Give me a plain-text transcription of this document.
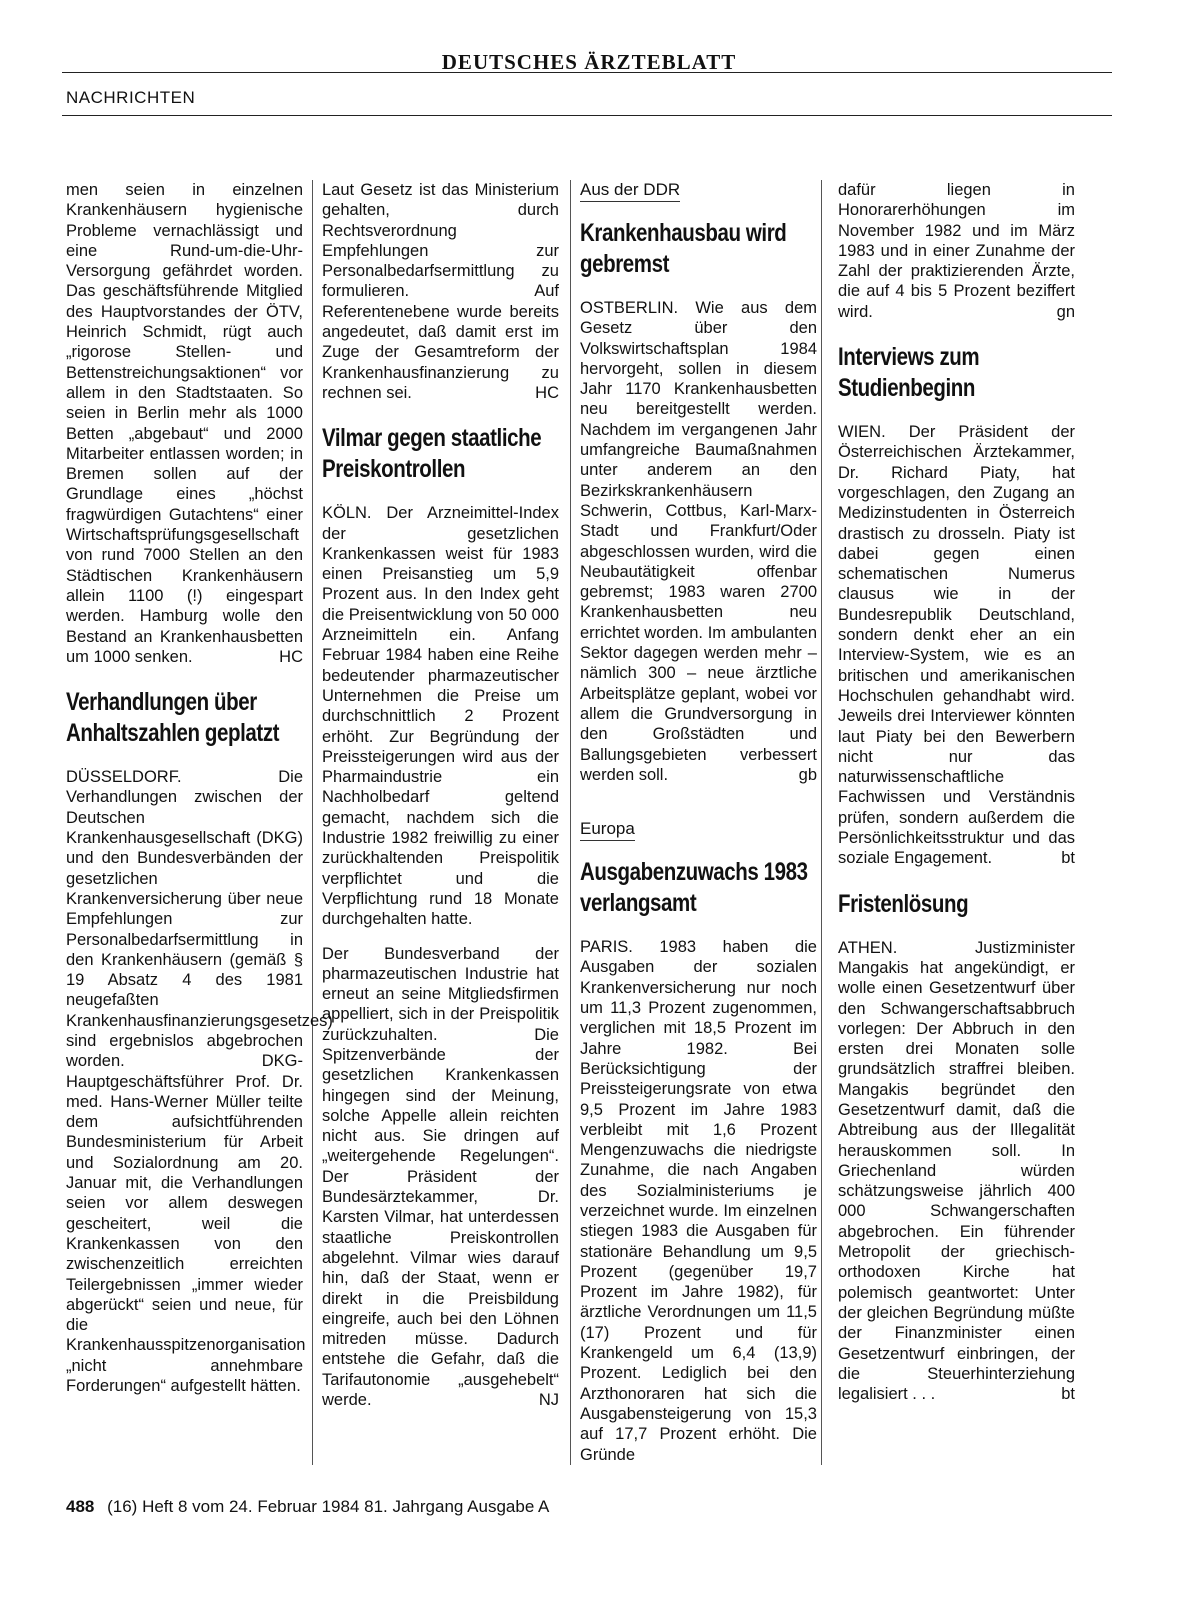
DEUTSCHES ÄRZTEBLATT
NACHRICHTEN

men seien in einzelnen Krankenhäusern hygienische Probleme vernachlässigt und eine Rund-um-die-Uhr-Versorgung gefährdet worden. Das geschäftsführende Mitglied des Hauptvorstandes der ÖTV, Heinrich Schmidt, rügt auch „rigorose Stellen- und Bettenstreichungsaktionen“ vor allem in den Stadtstaaten. So seien in Berlin mehr als 1000 Betten „abgebaut“ und 2000 Mitarbeiter entlassen worden; in Bremen sollen auf der Grundlage eines „höchst fragwürdigen Gutachtens“ einer Wirtschaftsprüfungsgesellschaft von rund 7000 Stellen an den Städtischen Krankenhäusern allein 1100 (!) eingespart werden. Hamburg wolle den Bestand an Krankenhausbetten um 1000 senken.	HC

Verhandlungen über Anhaltszahlen geplatzt

DÜSSELDORF. Die Verhandlungen zwischen der Deutschen Krankenhausgesellschaft (DKG) und den Bundesverbänden der gesetzlichen Krankenversicherung über neue Empfehlungen zur Personalbedarfsermittlung in den Krankenhäusern (gemäß § 19 Absatz 4 des 1981 neugefaßten Krankenhausfinanzierungsgesetzes) sind ergebnislos abgebrochen worden. DKG-Hauptgeschäftsführer Prof. Dr. med. Hans-Werner Müller teilte dem aufsichtführenden Bundesministerium für Arbeit und Sozialordnung am 20. Januar mit, die Verhandlungen seien vor allem deswegen gescheitert, weil die Krankenkassen von den zwischenzeitlich erreichten Teilergebnissen „immer wieder abgerückt“ seien und neue, für die Krankenhausspitzenorganisation „nicht annehmbare Forderungen“ aufgestellt hätten.

Laut Gesetz ist das Ministerium gehalten, durch Rechtsverordnung Empfehlungen zur Personalbedarfsermittlung zu formulieren. Auf Referentenebene wurde bereits angedeutet, daß damit erst im Zuge der Gesamtreform der Krankenhausfinanzierung zu rechnen sei.	HC

Vilmar gegen staatliche Preiskontrollen

KÖLN. Der Arzneimittel-Index der gesetzlichen Krankenkassen weist für 1983 einen Preisanstieg um 5,9 Prozent aus. In den Index geht die Preisentwicklung von 50 000 Arzneimitteln ein. Anfang Februar 1984 haben eine Reihe bedeutender pharmazeutischer Unternehmen die Preise um durchschnittlich 2 Prozent erhöht. Zur Begründung der Preissteigerungen wird aus der Pharmaindustrie ein Nachholbedarf geltend gemacht, nachdem sich die Industrie 1982 freiwillig zu einer zurückhaltenden Preispolitik verpflichtet und die Verpflichtung rund 18 Monate durchgehalten hatte.

Der Bundesverband der pharmazeutischen Industrie hat erneut an seine Mitgliedsfirmen appelliert, sich in der Preispolitik zurückzuhalten. Die Spitzenverbände der gesetzlichen Krankenkassen hingegen sind der Meinung, solche Appelle allein reichten nicht aus. Sie dringen auf „weitergehende Regelungen“. Der Präsident der Bundesärztekammer, Dr. Karsten Vilmar, hat unterdessen staatliche Preiskontrollen abgelehnt. Vilmar wies darauf hin, daß der Staat, wenn er direkt in die Preisbildung eingreife, auch bei den Löhnen mitreden müsse. Dadurch entstehe die Gefahr, daß die Tarifautonomie „ausgehebelt“ werde.	NJ

Aus der DDR
Krankenhausbau wird gebremst

OSTBERLIN. Wie aus dem Gesetz über den Volkswirtschaftsplan 1984 hervorgeht, sollen in diesem Jahr 1170 Krankenhausbetten neu bereitgestellt werden. Nachdem im vergangenen Jahr umfangreiche Baumaßnahmen unter anderem an den Bezirkskrankenhäusern Schwerin, Cottbus, Karl-Marx-Stadt und Frankfurt/Oder abgeschlossen wurden, wird die Neubautätigkeit offenbar gebremst; 1983 waren 2700 Krankenhausbetten neu errichtet worden. Im ambulanten Sektor dagegen werden mehr – nämlich 300 – neue ärztliche Arbeitsplätze geplant, wobei vor allem die Grundversorgung in den Großstädten und Ballungsgebieten verbessert werden soll.	gb

Europa
Ausgabenzuwachs 1983 verlangsamt

PARIS. 1983 haben die Ausgaben der sozialen Krankenversicherung nur noch um 11,3 Prozent zugenommen, verglichen mit 18,5 Prozent im Jahre 1982. Bei Berücksichtigung der Preissteigerungsrate von etwa 9,5 Prozent im Jahre 1983 verbleibt mit 1,6 Prozent Mengenzuwachs die niedrigste Zunahme, die nach Angaben des Sozialministeriums je verzeichnet wurde. Im einzelnen stiegen 1983 die Ausgaben für stationäre Behandlung um 9,5 Prozent (gegenüber 19,7 Prozent im Jahre 1982), für ärztliche Verordnungen um 11,5 (17) Prozent und für Krankengeld um 6,4 (13,9) Prozent. Lediglich bei den Arzthonoraren hat sich die Ausgabensteigerung von 15,3 auf 17,7 Prozent erhöht. Die Gründe

dafür liegen in Honorarerhöhungen im November 1982 und im März 1983 und in einer Zunahme der Zahl der praktizierenden Ärzte, die auf 4 bis 5 Prozent beziffert wird.	gn

Interviews zum Studienbeginn

WIEN. Der Präsident der Österreichischen Ärztekammer, Dr. Richard Piaty, hat vorgeschlagen, den Zugang an Medizinstudenten in Österreich drastisch zu drosseln. Piaty ist dabei gegen einen schematischen Numerus clausus wie in der Bundesrepublik Deutschland, sondern denkt eher an ein Interview-System, wie es an britischen und amerikanischen Hochschulen gehandhabt wird. Jeweils drei Interviewer könnten laut Piaty bei den Bewerbern nicht nur das naturwissenschaftliche Fachwissen und Verständnis prüfen, sondern außerdem die Persönlichkeitsstruktur und das soziale Engagement.	bt

Fristenlösung

ATHEN. Justizminister Mangakis hat angekündigt, er wolle einen Gesetzentwurf über den Schwangerschaftsabbruch vorlegen: Der Abbruch in den ersten drei Monaten solle grundsätzlich straffrei bleiben. Mangakis begründet den Gesetzentwurf damit, daß die Abtreibung aus der Illegalität herauskommen soll. In Griechenland würden schätzungsweise jährlich 400 000 Schwangerschaften abgebrochen. Ein führender Metropolit der griechisch-orthodoxen Kirche hat polemisch geantwortet: Unter der gleichen Begründung müßte der Finanzminister einen Gesetzentwurf einbringen, der die Steuerhinterziehung legalisiert . . .	bt

488 (16) Heft 8 vom 24. Februar 1984 81. Jahrgang Ausgabe A
